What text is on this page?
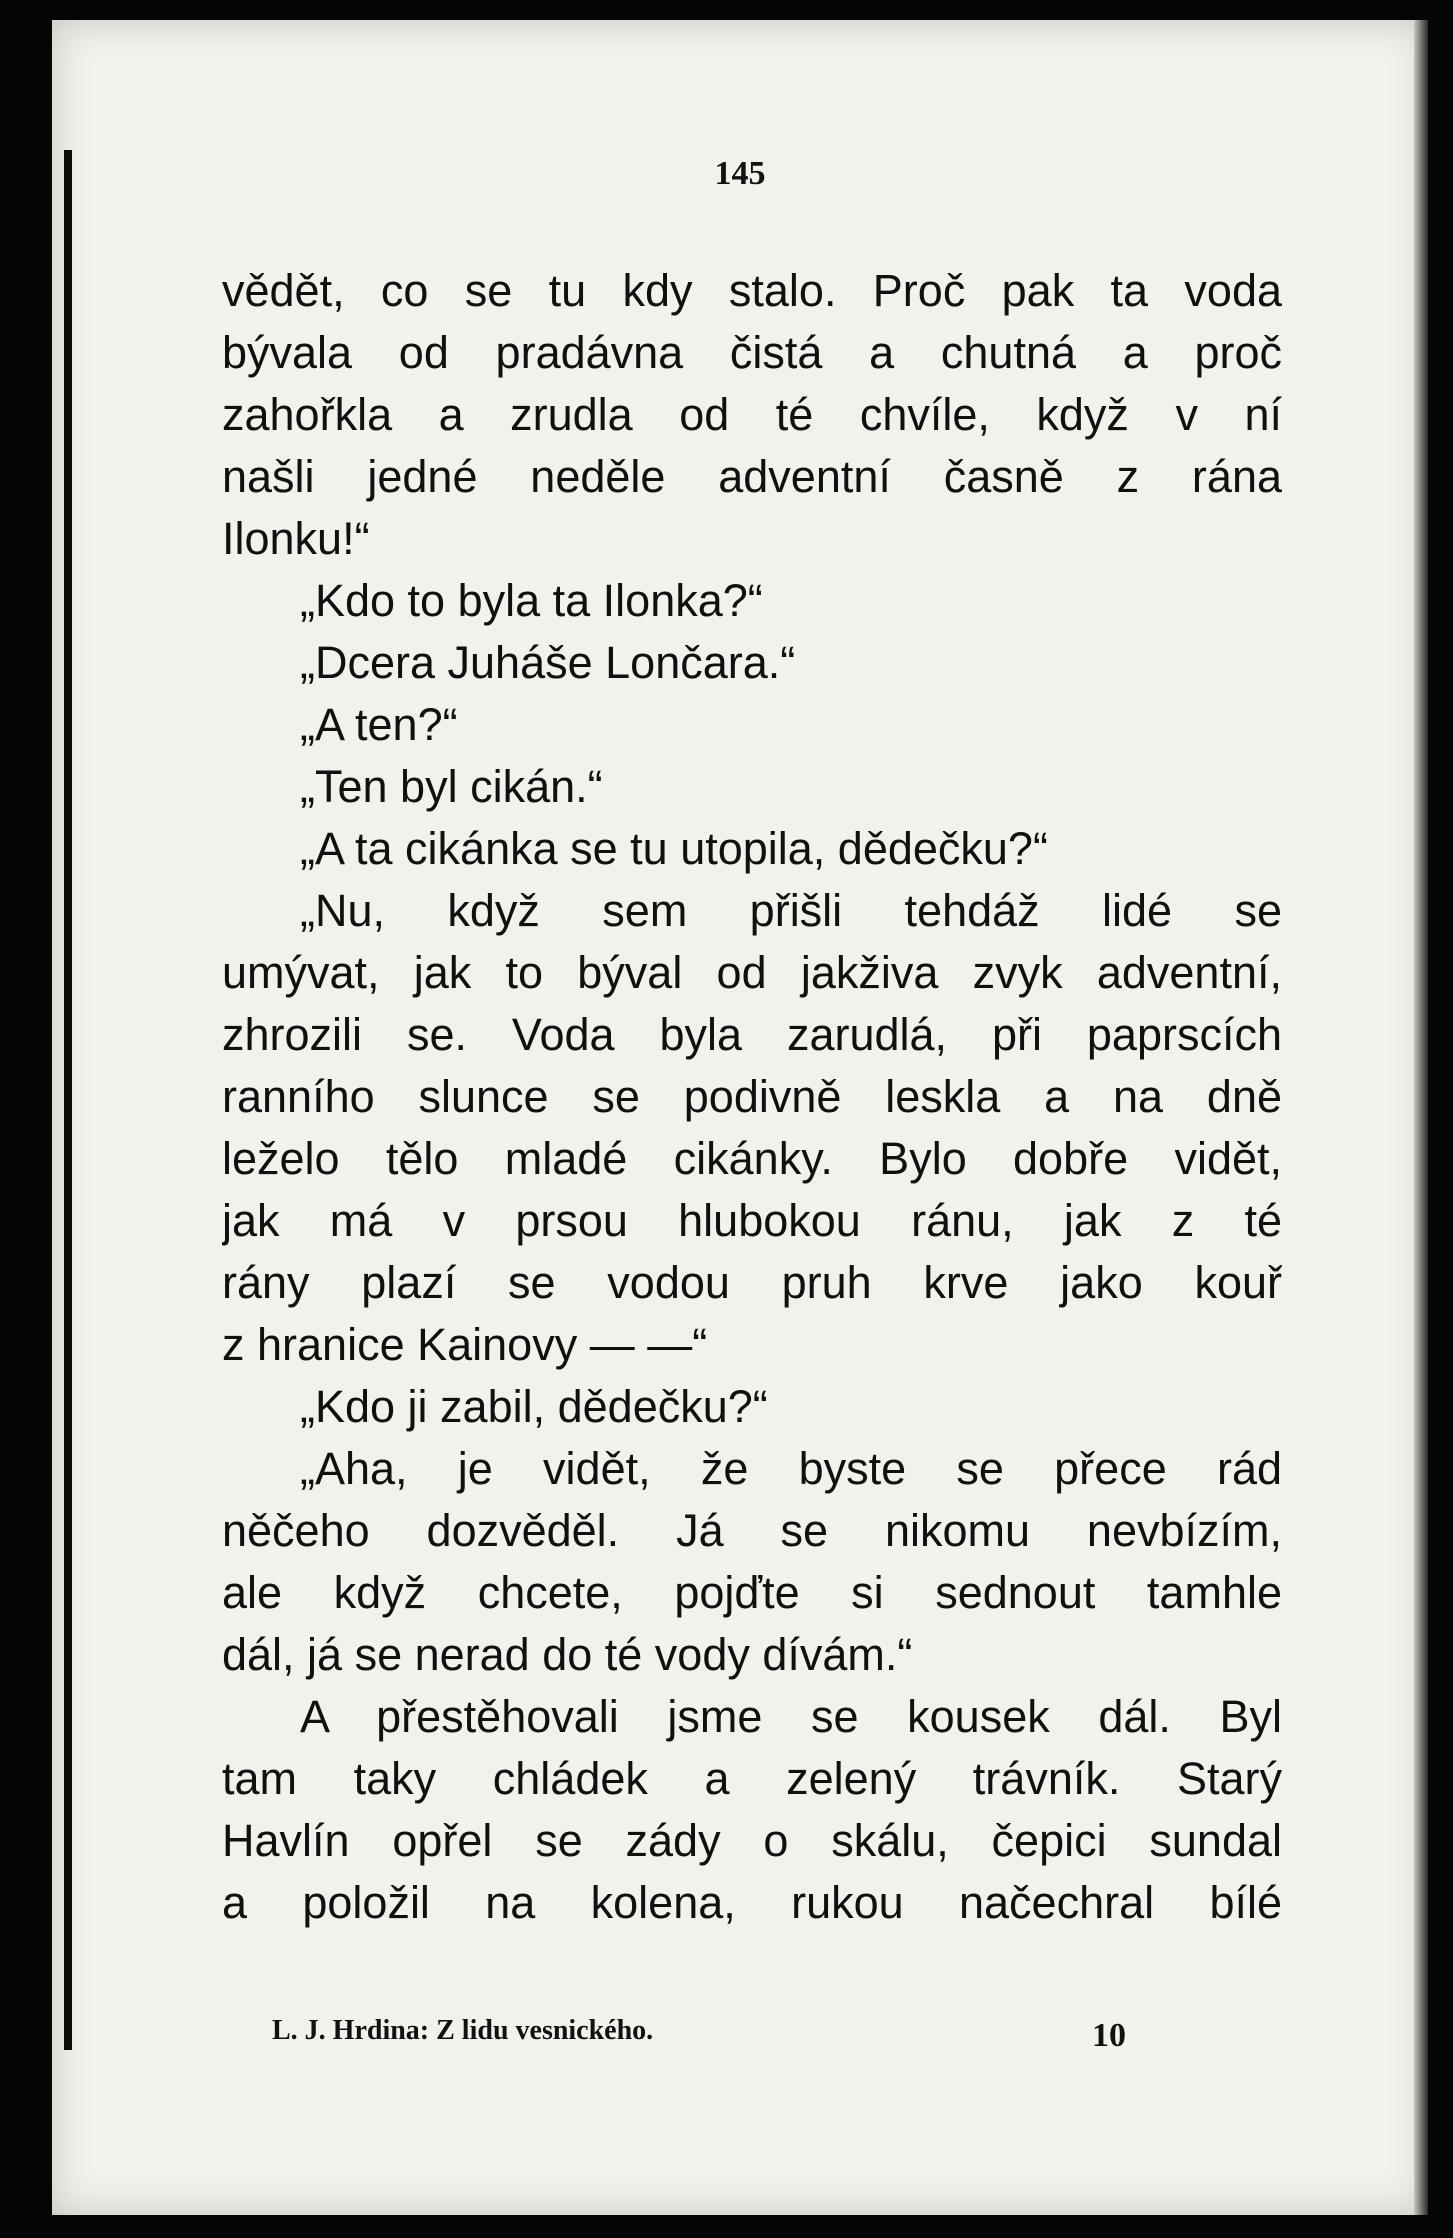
145
vědět, co se tu kdy stalo. Proč pak ta voda
bývala od pradávna čistá a chutná a proč
zahořkla a zrudla od té chvíle, když v ní
našli jedné neděle adventní časně z rána
Ilonku!“
„Kdo to byla ta Ilonka?“
„Dcera Juháše Lončara.“
„A ten?“
„Ten byl cikán.“
„A ta cikánka se tu utopila, dědečku?“
„Nu, když sem přišli tehdáž lidé se
umývat, jak to býval od jakživa zvyk adventní,
zhrozili se. Voda byla zarudlá, při paprscích
ranního slunce se podivně leskla a na dně
leželo tělo mladé cikánky. Bylo dobře vidět,
jak má v prsou hlubokou ránu, jak z té
rány plazí se vodou pruh krve jako kouř
z hranice Kainovy — —“
„Kdo ji zabil, dědečku?“
„Aha, je vidět, že byste se přece rád
něčeho dozvěděl. Já se nikomu nevbízím,
ale když chcete, pojďte si sednout tamhle
dál, já se nerad do té vody dívám.“
A přestěhovali jsme se kousek dál. Byl
tam taky chládek a zelený trávník. Starý
Havlín opřel se zády o skálu, čepici sundal
a položil na kolena, rukou načechral bílé
L. J. Hrdina: Z lidu vesnického.	10
